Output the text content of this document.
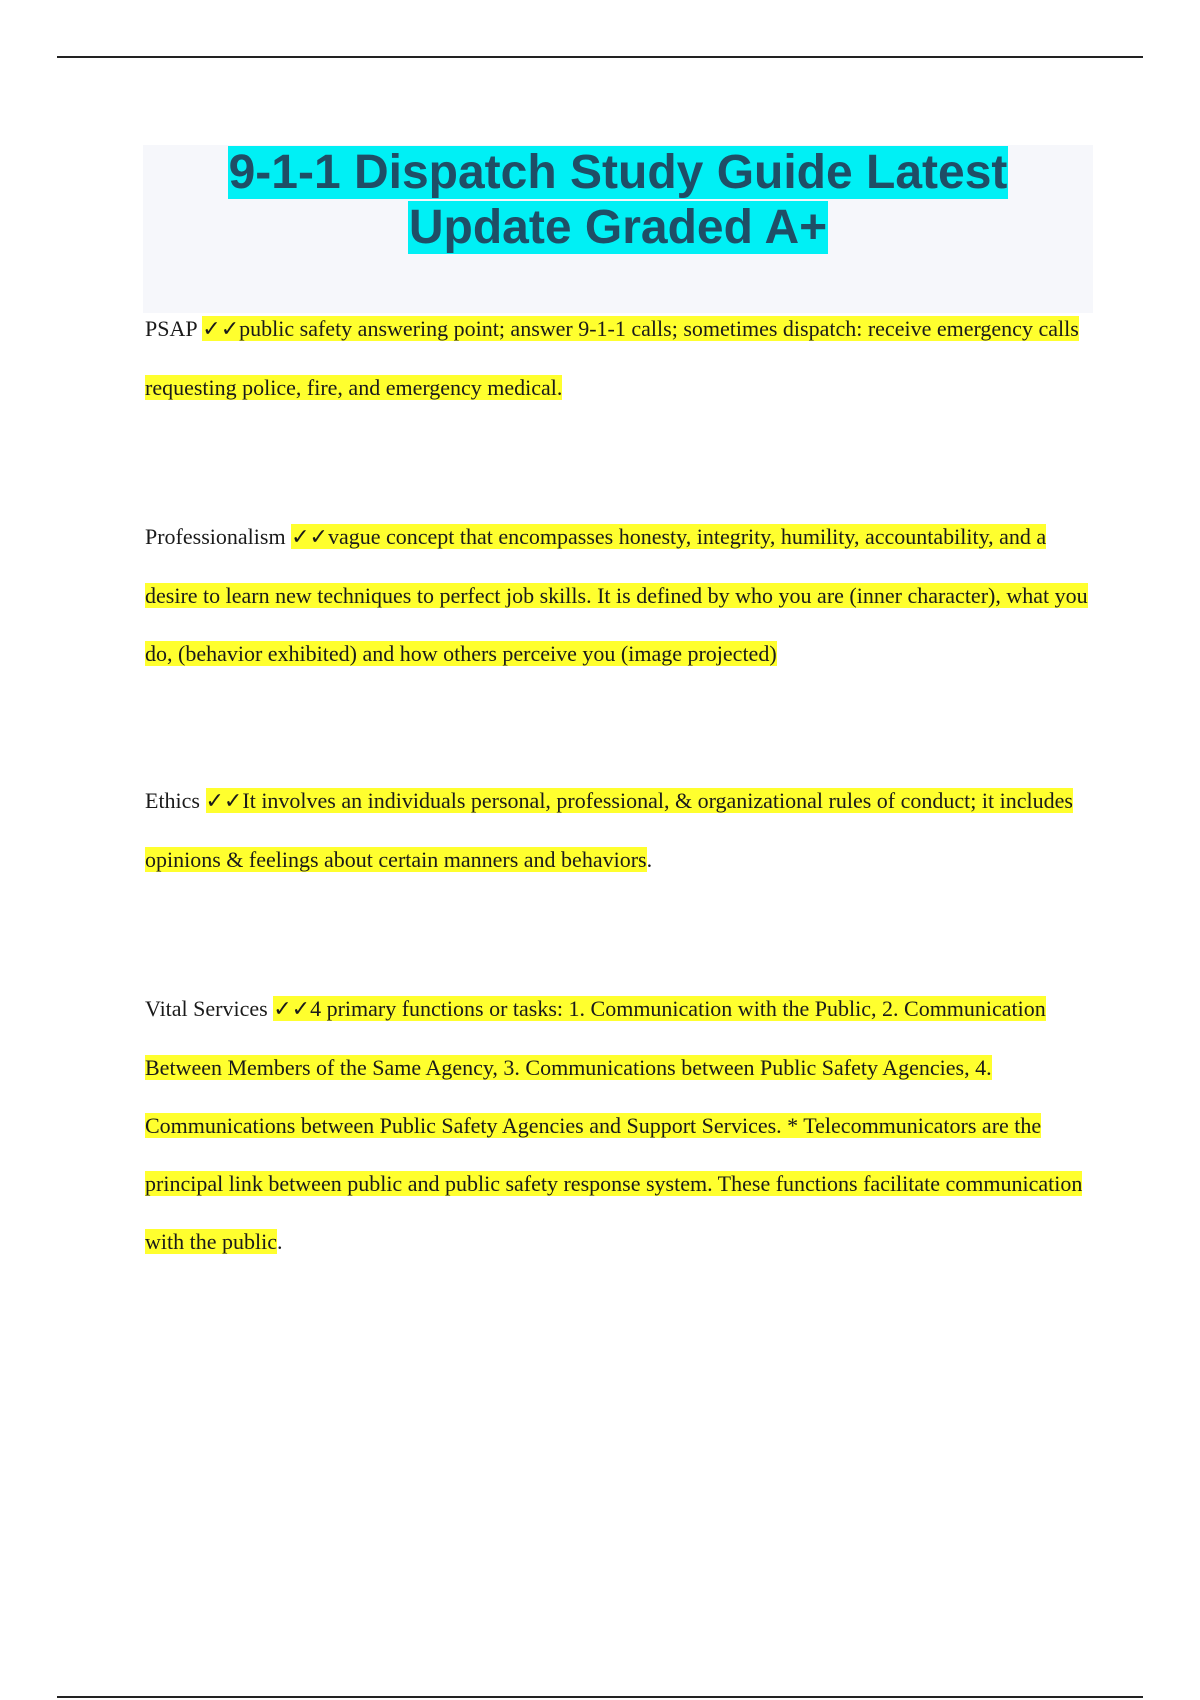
9-1-1 Dispatch Study Guide Latest
Update Graded A+

PSAP ✓✓public safety answering point; answer 9-1-1 calls; sometimes dispatch: receive emergency calls requesting police, fire, and emergency medical.

Professionalism ✓✓vague concept that encompasses honesty, integrity, humility, accountability, and a desire to learn new techniques to perfect job skills. It is defined by who you are (inner character), what you do, (behavior exhibited) and how others perceive you (image projected)

Ethics ✓✓It involves an individuals personal, professional, & organizational rules of conduct; it includes opinions & feelings about certain manners and behaviors.

Vital Services ✓✓4 primary functions or tasks: 1. Communication with the Public, 2. Communication Between Members of the Same Agency, 3. Communications between Public Safety Agencies, 4. Communications between Public Safety Agencies and Support Services. * Telecommunicators are the principal link between public and public safety response system. These functions facilitate communication with the public.
